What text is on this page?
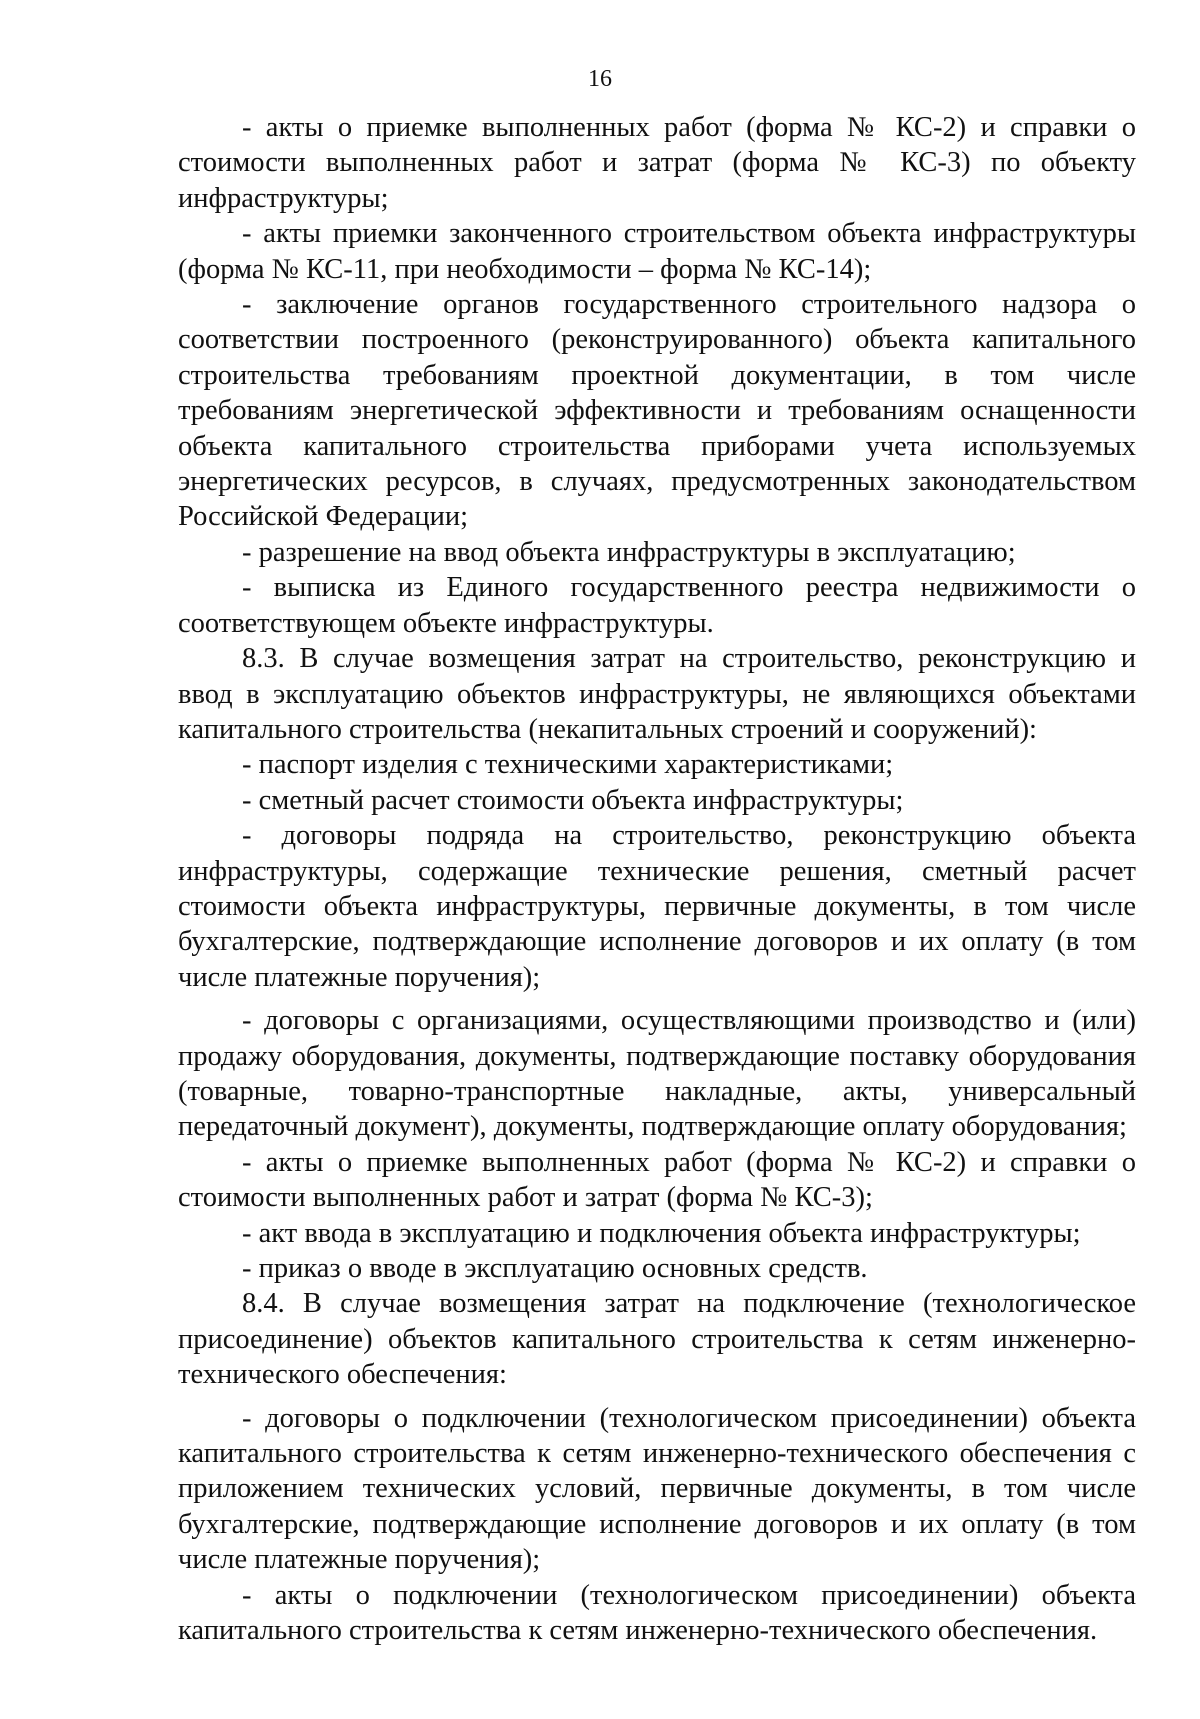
16

- акты о приемке выполненных работ (форма № КС-2) и справки о стоимости выполненных работ и затрат (форма № КС-3) по объекту инфраструктуры;

- акты приемки законченного строительством объекта инфраструктуры (форма № КС-11, при необходимости – форма № КС-14);

- заключение органов государственного строительного надзора о соответствии построенного (реконструированного) объекта капитального строительства требованиям проектной документации, в том числе требованиям энергетической эффективности и требованиям оснащенности объекта капитального строительства приборами учета используемых энергетических ресурсов, в случаях, предусмотренных законодательством Российской Федерации;

- разрешение на ввод объекта инфраструктуры в эксплуатацию;

- выписка из Единого государственного реестра недвижимости о соответствующем объекте инфраструктуры.

8.3. В случае возмещения затрат на строительство, реконструкцию и ввод в эксплуатацию объектов инфраструктуры, не являющихся объектами капитального строительства (некапитальных строений и сооружений):

- паспорт изделия с техническими характеристиками;

- сметный расчет стоимости объекта инфраструктуры;

- договоры подряда на строительство, реконструкцию объекта инфраструктуры, содержащие технические решения, сметный расчет стоимости объекта инфраструктуры, первичные документы, в том числе бухгалтерские, подтверждающие исполнение договоров и их оплату (в том числе платежные поручения);

- договоры с организациями, осуществляющими производство и (или) продажу оборудования, документы, подтверждающие поставку оборудования (товарные, товарно-транспортные накладные, акты, универсальный передаточный документ), документы, подтверждающие оплату оборудования;

- акты о приемке выполненных работ (форма № КС-2) и справки о стоимости выполненных работ и затрат (форма № КС-3);

- акт ввода в эксплуатацию и подключения объекта инфраструктуры;

- приказ о вводе в эксплуатацию основных средств.

8.4. В случае возмещения затрат на подключение (технологическое присоединение) объектов капитального строительства к сетям инженерно-технического обеспечения:

- договоры о подключении (технологическом присоединении) объекта капитального строительства к сетям инженерно-технического обеспечения с приложением технических условий, первичные документы, в том числе бухгалтерские, подтверждающие исполнение договоров и их оплату (в том числе платежные поручения);

- акты о подключении (технологическом присоединении) объекта капитального строительства к сетям инженерно-технического обеспечения.
